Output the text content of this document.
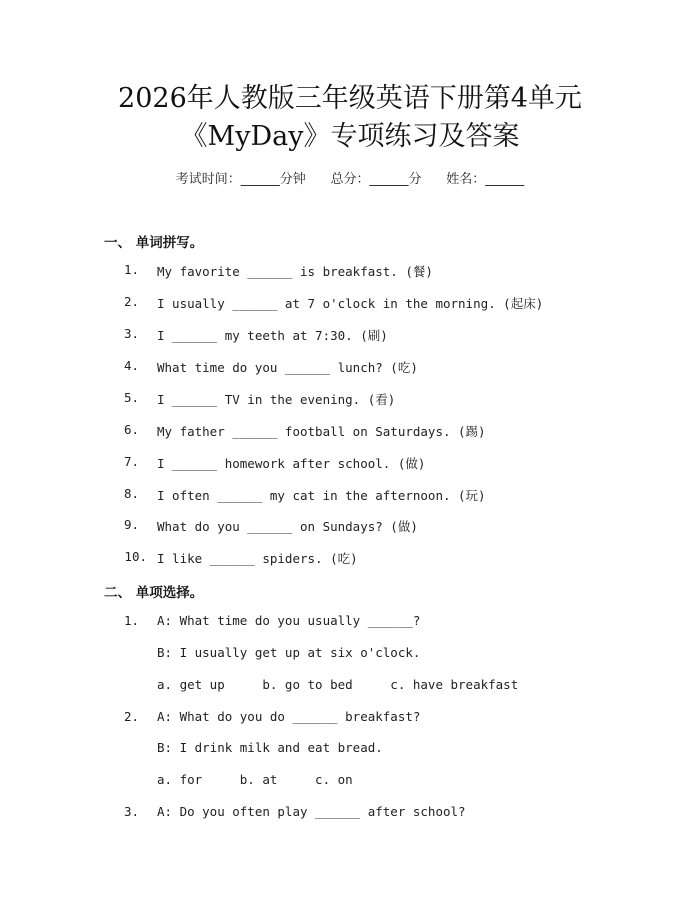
2026年人教版三年级英语下册第4单元
《MyDay》专项练习及答案
考试时间：______分钟      总分：______分      姓名：______
一、 单词拼写。
1. My favorite ______ is breakfast. (餐)
2. I usually ______ at 7 o'clock in the morning. (起床)
3. I ______ my teeth at 7:30. (刷)
4. What time do you ______ lunch? (吃)
5. I ______ TV in the evening. (看)
6. My father ______ football on Saturdays. (踢)
7. I ______ homework after school. (做)
8. I often ______ my cat in the afternoon. (玩)
9. What do you ______ on Sundays? (做)
10. I like ______ spiders. (吃)
二、 单项选择。
1. A: What time do you usually ______?
B: I usually get up at six o'clock.
a. get up     b. go to bed     c. have breakfast
2. A: What do you do ______ breakfast?
B: I drink milk and eat bread.
a. for     b. at     c. on
3. A: Do you often play ______ after school?
